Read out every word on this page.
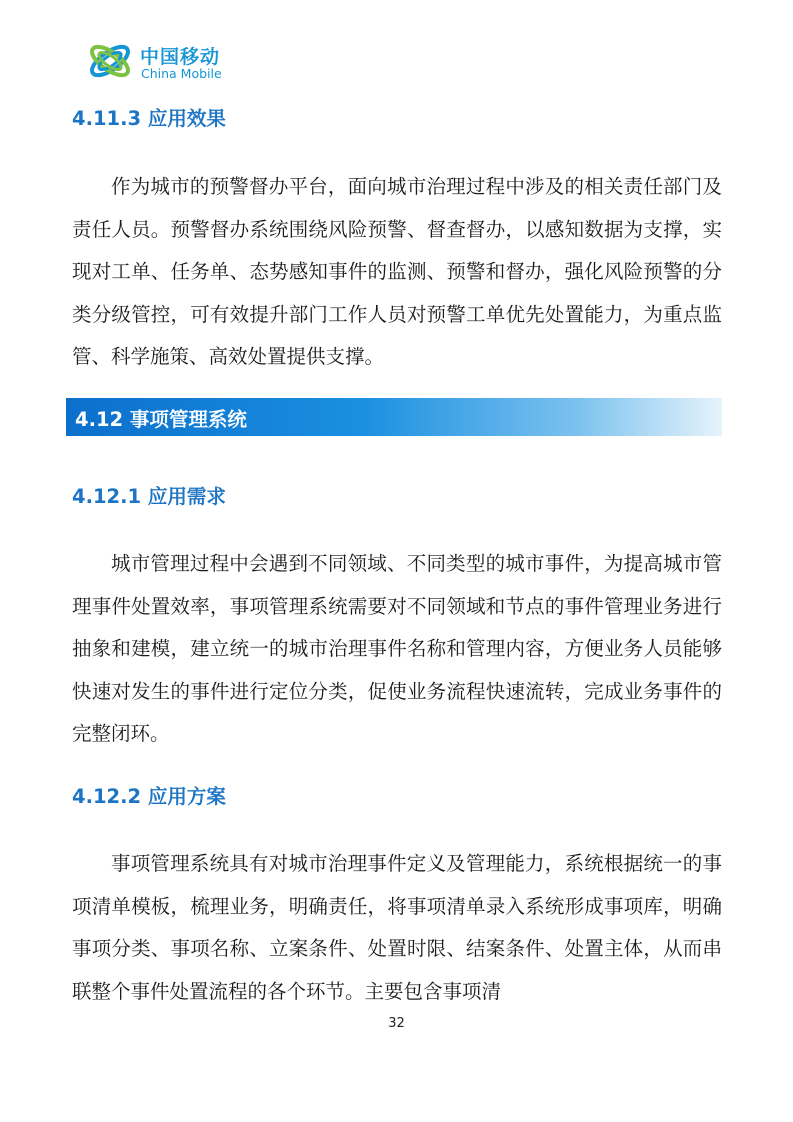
中国移动
China Mobile
4.11.3 应用效果

作为城市的预警督办平台，面向城市治理过程中涉及的相关责任部门及责任人员。预警督办系统围绕风险预警、督查督办，以感知数据为支撑，实现对工单、任务单、态势感知事件的监测、预警和督办，强化风险预警的分类分级管控，可有效提升部门工作人员对预警工单优先处置能力，为重点监管、科学施策、高效处置提供支撑。

4.12 事项管理系统
4.12.1 应用需求

城市管理过程中会遇到不同领域、不同类型的城市事件，为提高城市管理事件处置效率，事项管理系统需要对不同领域和节点的事件管理业务进行抽象和建模，建立统一的城市治理事件名称和管理内容，方便业务人员能够快速对发生的事件进行定位分类，促使业务流程快速流转，完成业务事件的完整闭环。

4.12.2 应用方案

事项管理系统具有对城市治理事件定义及管理能力，系统根据统一的事项清单模板，梳理业务，明确责任，将事项清单录入系统形成事项库，明确事项分类、事项名称、立案条件、处置时限、结案条件、处置主体，从而串联整个事件处置流程的各个环节。主要包含事项清

32
